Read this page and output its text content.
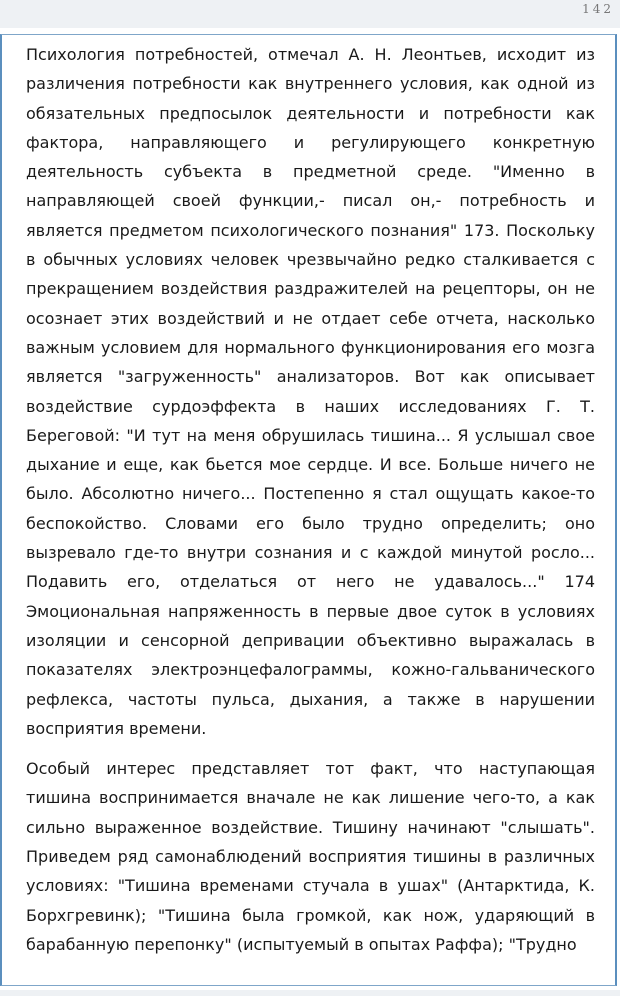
142

Психология потребностей, отмечал А. Н. Леонтьев, исходит из различения потребности как внутреннего условия, как одной из обязательных предпосылок деятельности и потребности как фактора, направляющего и регулирующего конкретную деятельность субъекта в предметной среде. "Именно в направляющей своей функции,- писал он,- потребность и является предметом психологического познания" 173. Поскольку в обычных условиях человек чрезвычайно редко сталкивается с прекращением воздействия раздражителей на рецепторы, он не осознает этих воздействий и не отдает себе отчета, насколько важным условием для нормального функционирования его мозга является "загруженность" анализаторов. Вот как описывает воздействие сурдоэффекта в наших исследованиях Г. Т. Береговой: "И тут на меня обрушилась тишина... Я услышал свое дыхание и еще, как бьется мое сердце. И все. Больше ничего не было. Абсолютно ничего... Постепенно я стал ощущать какое-то беспокойство. Словами его было трудно определить; оно вызревало где-то внутри сознания и с каждой минутой росло... Подавить его, отделаться от него не удавалось..." 174 Эмоциональная напряженность в первые двое суток в условиях изоляции и сенсорной депривации объективно выражалась в показателях электроэнцефалограммы, кожно-гальванического рефлекса, частоты пульса, дыхания, а также в нарушении восприятия времени.

Особый интерес представляет тот факт, что наступающая тишина воспринимается вначале не как лишение чего-то, а как сильно выраженное воздействие. Тишину начинают "слышать". Приведем ряд самонаблюдений восприятия тишины в различных условиях: "Тишина временами стучала в ушах" (Антарктида, К. Борхгревинк); "Тишина была громкой, как нож, ударяющий в барабанную перепонку" (испытуемый в опытах Раффа); "Трудно
